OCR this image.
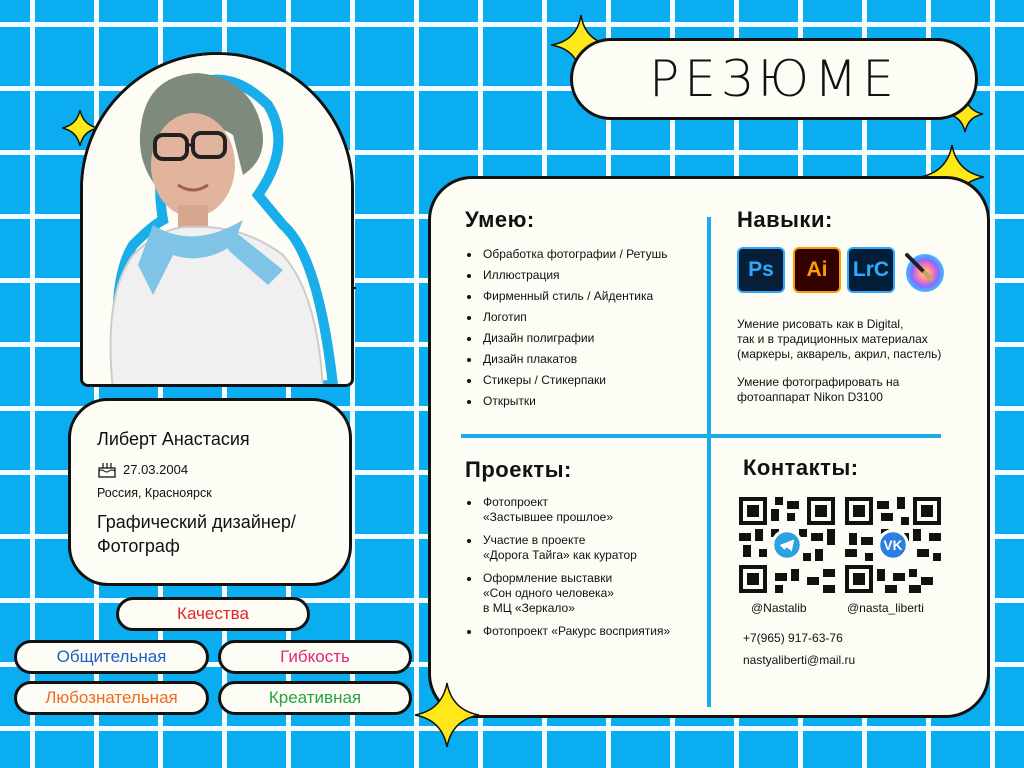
РЕЗЮМЕ
Либерт Анастасия
27.03.2004
Россия, Красноярск
Графический дизайнер/ Фотограф
Качества
Общительная	Гибкость
Любознательная	Креативная
Умею:
Обработка фотографии / Ретушь
Иллюстрация
Фирменный стиль / Айдентика
Логотип
Дизайн полиграфии
Дизайн плакатов
Стикеры / Стикерпаки
Открытки
Навыки:
Ps Ai LrC
Умение рисовать как в Digital,
так и в традиционных материалах
(маркеры, акварель, акрил, пастель)
Умение фотографировать на
фотоаппарат Nikon D3100
Проекты:
Фотопроект
«Застывшее прошлое»
Участие в проекте
«Дорога Тайга» как куратор
Оформление выставки
«Сон одного человека»
в МЦ «Зеркало»
Фотопроект «Ракурс восприятия»
Контакты:
VK
@Nastalib	@nasta_liberti
+7(965) 917-63-76
nastyaliberti@mail.ru
